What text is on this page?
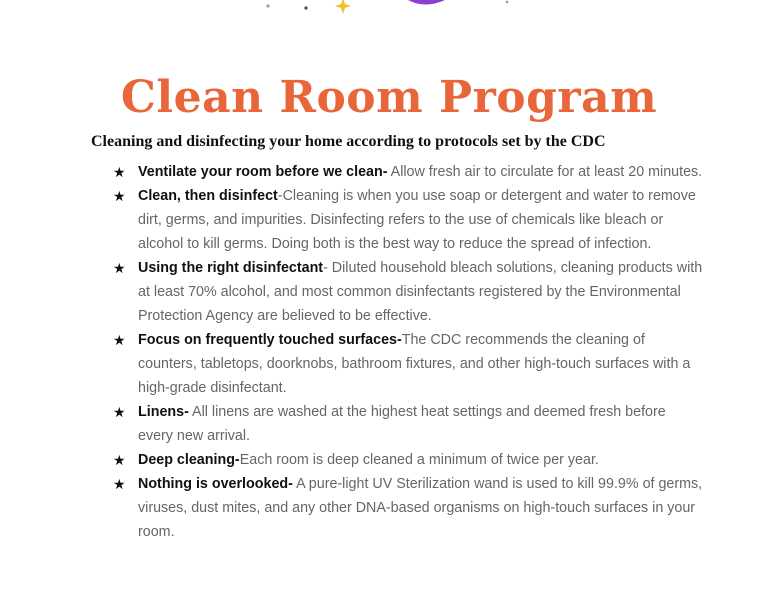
Clean Room Program
Cleaning and disinfecting your home according to protocols set by the CDC
★ Ventilate your room before we clean- Allow fresh air to circulate for at least 20 minutes.
★ Clean, then disinfect-Cleaning is when you use soap or detergent and water to remove dirt, germs, and impurities. Disinfecting refers to the use of chemicals like bleach or alcohol to kill germs. Doing both is the best way to reduce the spread of infection.
★ Using the right disinfectant- Diluted household bleach solutions, cleaning products with at least 70% alcohol, and most common disinfectants registered by the Environmental Protection Agency are believed to be effective.
★ Focus on frequently touched surfaces-The CDC recommends the cleaning of counters, tabletops, doorknobs, bathroom fixtures, and other high-touch surfaces with a high-grade disinfectant.
★ Linens- All linens are washed at the highest heat settings and deemed fresh before every new arrival.
★ Deep cleaning-Each room is deep cleaned a minimum of twice per year.
★ Nothing is overlooked- A pure-light UV Sterilization wand is used to kill 99.9% of germs, viruses, dust mites, and any other DNA-based organisms on high-touch surfaces in your room.
